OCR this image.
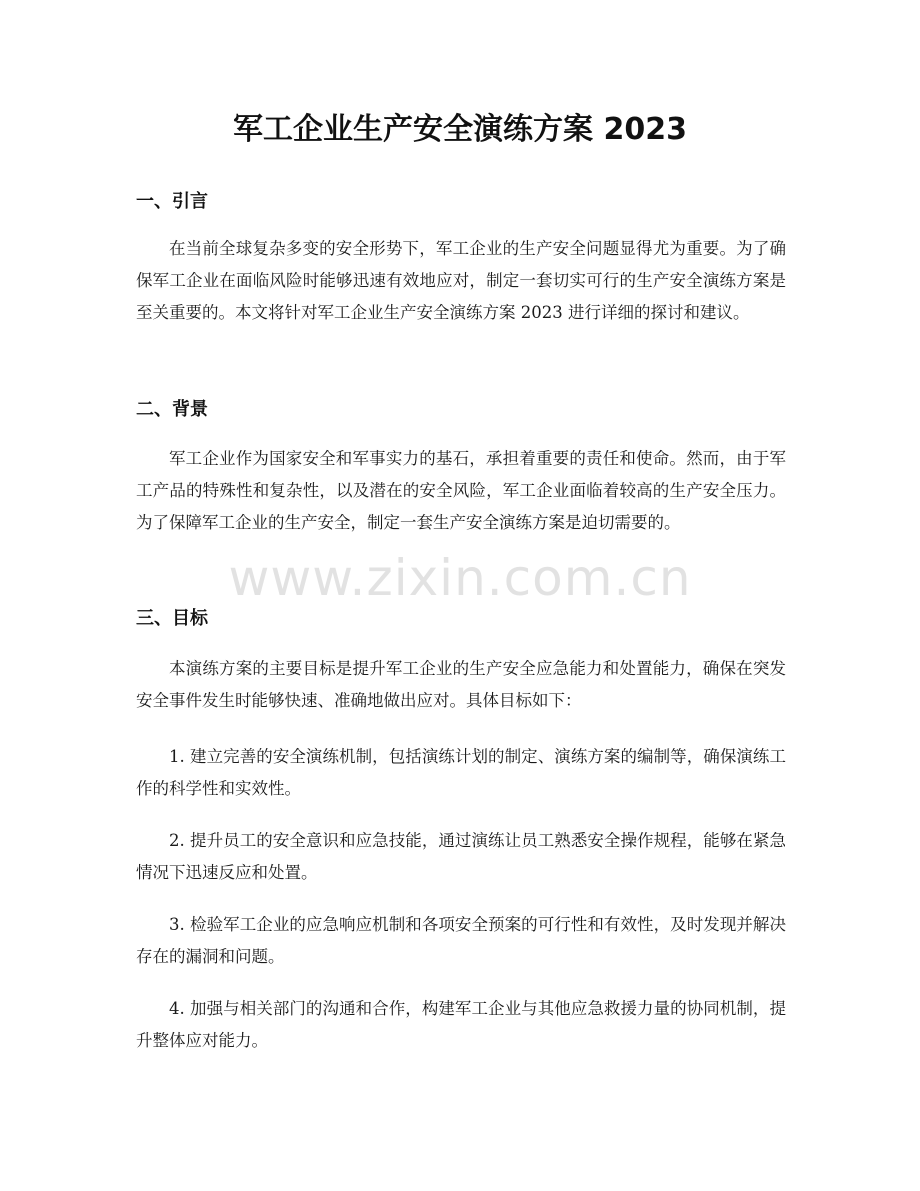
军工企业生产安全演练方案 2023
一、引言

在当前全球复杂多变的安全形势下，军工企业的生产安全问题显得尤为重要。为了确保军工企业在面临风险时能够迅速有效地应对，制定一套切实可行的生产安全演练方案是至关重要的。本文将针对军工企业生产安全演练方案 2023 进行详细的探讨和建议。

二、背景

军工企业作为国家安全和军事实力的基石，承担着重要的责任和使命。然而，由于军工产品的特殊性和复杂性，以及潜在的安全风险，军工企业面临着较高的生产安全压力。为了保障军工企业的生产安全，制定一套生产安全演练方案是迫切需要的。

三、目标

本演练方案的主要目标是提升军工企业的生产安全应急能力和处置能力，确保在突发安全事件发生时能够快速、准确地做出应对。具体目标如下：

1. 建立完善的安全演练机制，包括演练计划的制定、演练方案的编制等，确保演练工作的科学性和实效性。

2. 提升员工的安全意识和应急技能，通过演练让员工熟悉安全操作规程，能够在紧急情况下迅速反应和处置。

3. 检验军工企业的应急响应机制和各项安全预案的可行性和有效性，及时发现并解决存在的漏洞和问题。

4. 加强与相关部门的沟通和合作，构建军工企业与其他应急救援力量的协同机制，提升整体应对能力。

www.zixin.com.cn
